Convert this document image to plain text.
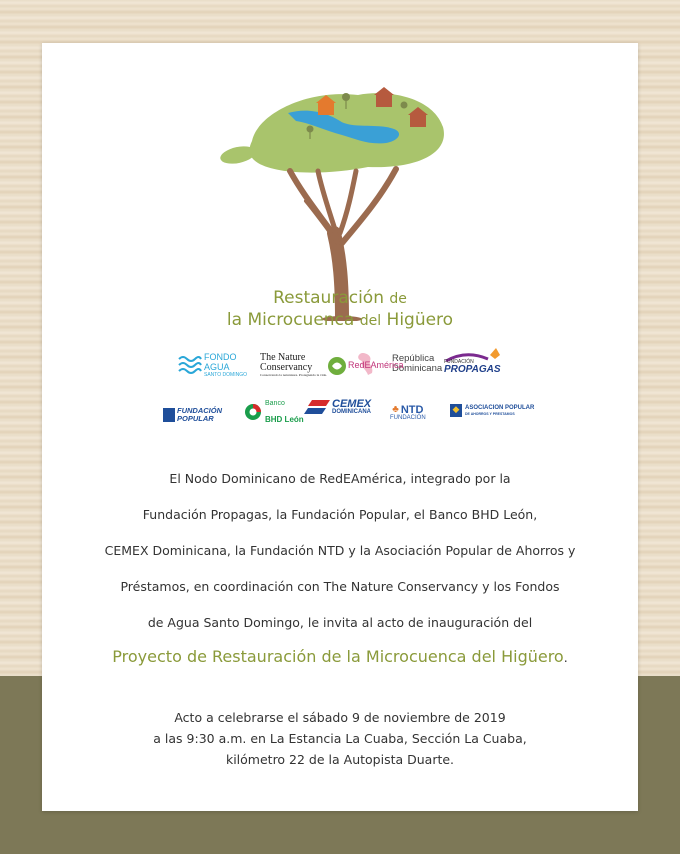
Restauración de
la Microcuenca del Higüero
FONDO
AGUA
SANTO DOMINGO
The Nature
Conservancy
Conservando la naturaleza. Protegiendo la vida.
RedEAmérica
República
Dominicana
FUNDACIÓN
PROPAGAS
FUNDACIÓN
POPULAR
Banco
BHD León
CEMEX
DOMINICANA ♣ NTD
FUNDACIÓN
◆ ASOCIACION POPULAR
DE AHORROS Y PRESTAMOS

El Nodo Dominicano de RedEAmérica, integrado por la

Fundación Propagas, la Fundación Popular, el Banco BHD León,

CEMEX Dominicana, la Fundación NTD y la Asociación Popular de Ahorros y

Préstamos, en coordinación con The Nature Conservancy y los Fondos

de Agua Santo Domingo, le invita al acto de inauguración del

Proyecto de Restauración de la Microcuenca del Higüero.

Acto a celebrarse el sábado 9 de noviembre de 2019

a las 9:30 a.m. en La Estancia La Cuaba, Sección La Cuaba,

kilómetro 22 de la Autopista Duarte.
